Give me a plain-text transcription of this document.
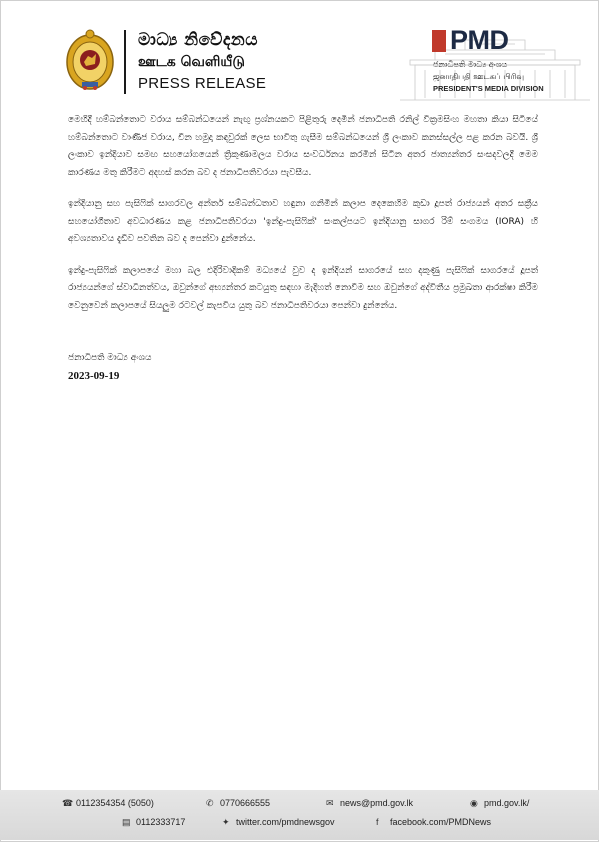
මාධ්‍ය නිවේදනය
ஊடக வெளியீடு
PRESS RELEASE
PMD
ජනාධිපති මාධ්‍ය අංශය
ஜனாதிபதி ஊடகப் பிரிவு
PRESIDENT'S MEDIA DIVISION

මෙහිදී හම්බන්තොට වරාය සම්බන්ධයෙන් නැඟු ප්‍රශ්නයකට පිළිතුරු දෙමින් ජනාධිපති රනිල් වික්‍රමසිංහ මහතා කියා සිටියේ හම්බන්තොට වාණිජ වරාය, චීන හමුදා කඳවුරක් ලෙස භාවිතු ගැසීම සම්බන්ධයෙන් ශ්‍රී ලංකාව කනස්සල්ල පළ කරන බවයි. ශ්‍රී ලංකාව ඉන්දියාව සමඟ සහයෝගයෙන් ත්‍රිකුණාමලය වරාය සංවර්ධනය කරමින් සිටින අතර ජාත්‍යන්තර සංසදවලදී මෙම කාරණය මතු කිරීමට අදහස් කරන බව ද ජනාධිපතිවරයා පැවසීය.

ඉන්දියානු සහ පැසිෆික් සාගරවල අන්තර් සම්බන්ධතාව හඳුනා ගනිමින් කලාප දෙකෙහිම කුඩා දූපත් රාජ්‍යයන් අතර සක්‍රීය සහයෝගීතාව අවධාරණය කළ ජනාධිපතිවරයා 'ඉන්දු-පැසිෆික්' සංකල්පයට ඉන්දියානු සාගර රිම් සංගමය (IORA) හි අවශ්‍යතාවය දැඩිව පවතින බව ද පෙන්වා දුන්නේය.

ඉන්දු-පැසිෆික් කලාපයේ මහා බල එදිරිවාදිකම් මධ්‍යයේ වුව ද ඉන්දියන් සාගරයේ සහ දකුණු පැසිෆික් සාගරයේ දූපත් රාජ්‍යයන්ගේ ස්වාධීනත්වය, ඔවුන්ගේ අභ්‍යන්තර කටයුතු සඳහා මැදිහත් නොවීම සහ ඔවුන්ගේ අද්විතීය ප්‍රමුඛතා ආරක්ෂා කිරීම වෙනුවෙන් කලාපයේ සියලුම රටවල් කැපවිය යුතු බව ජනාධිපතිවරයා පෙන්වා දුන්නේය.

ජනාධිපති මාධ්‍ය අංශය
2023-09-19
☎ 0112354354 (5050)	✆ 0770666555	✉ news@pmd.gov.lk	◉ pmd.gov.lk/
▤ 0112333717	✦ twitter.com/pmdnewsgov	f facebook.com/PMDNews
